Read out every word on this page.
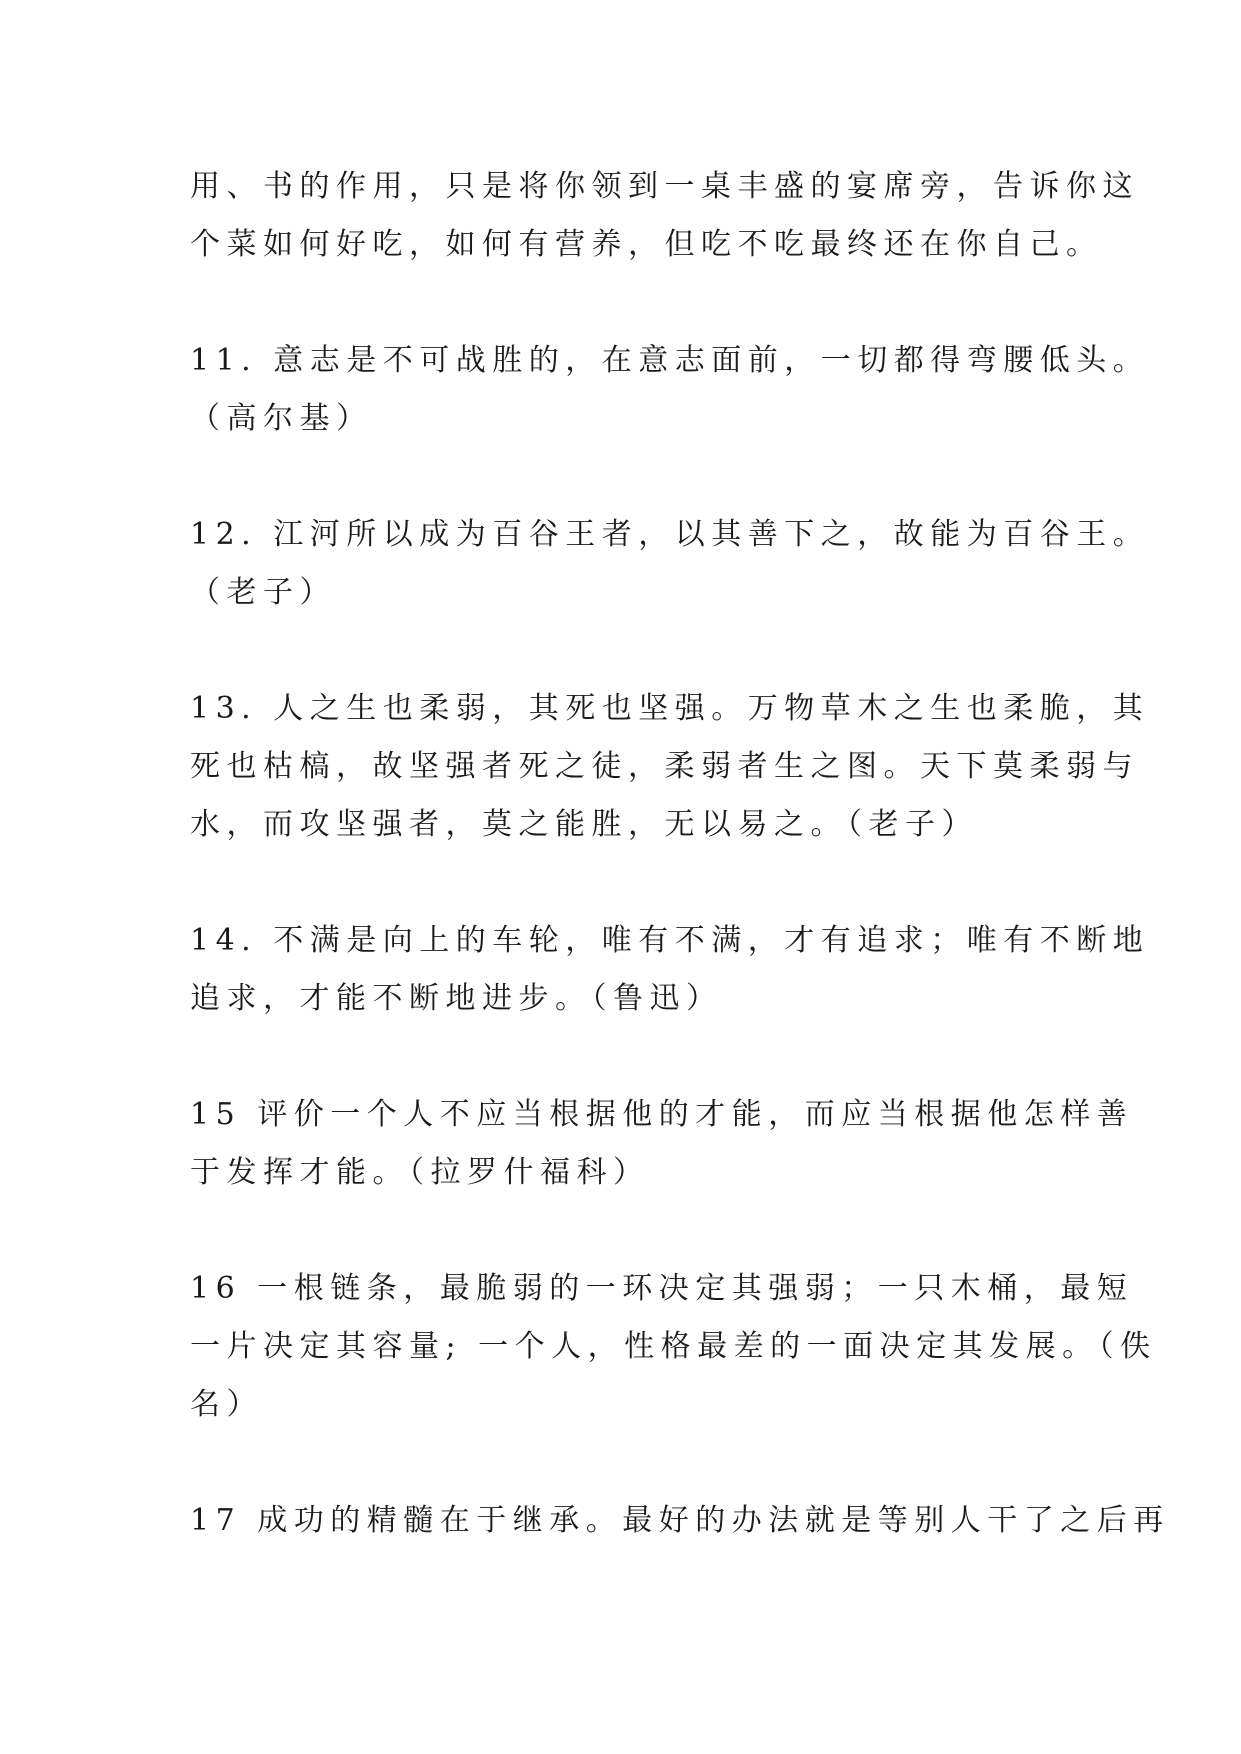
用、书的作用，只是将你领到一桌丰盛的宴席旁，告诉你这
个菜如何好吃，如何有营养，但吃不吃最终还在你自己。

11. 意志是不可战胜的，在意志面前，一切都得弯腰低头。
（高尔基）

12. 江河所以成为百谷王者，以其善下之，故能为百谷王。
（老子）

13. 人之生也柔弱，其死也坚强。万物草木之生也柔脆，其
死也枯槁，故坚强者死之徒，柔弱者生之图。天下莫柔弱与
水，而攻坚强者，莫之能胜，无以易之。（老子）

14. 不满是向上的车轮，唯有不满，才有追求；唯有不断地
追求，才能不断地进步。（鲁迅）

15 评价一个人不应当根据他的才能，而应当根据他怎样善
于发挥才能。（拉罗什福科）

16 一根链条，最脆弱的一环决定其强弱；一只木桶，最短
一片决定其容量; 一个人，性格最差的一面决定其发展。（佚
名）

17 成功的精髓在于继承。最好的办法就是等别人干了之后再
